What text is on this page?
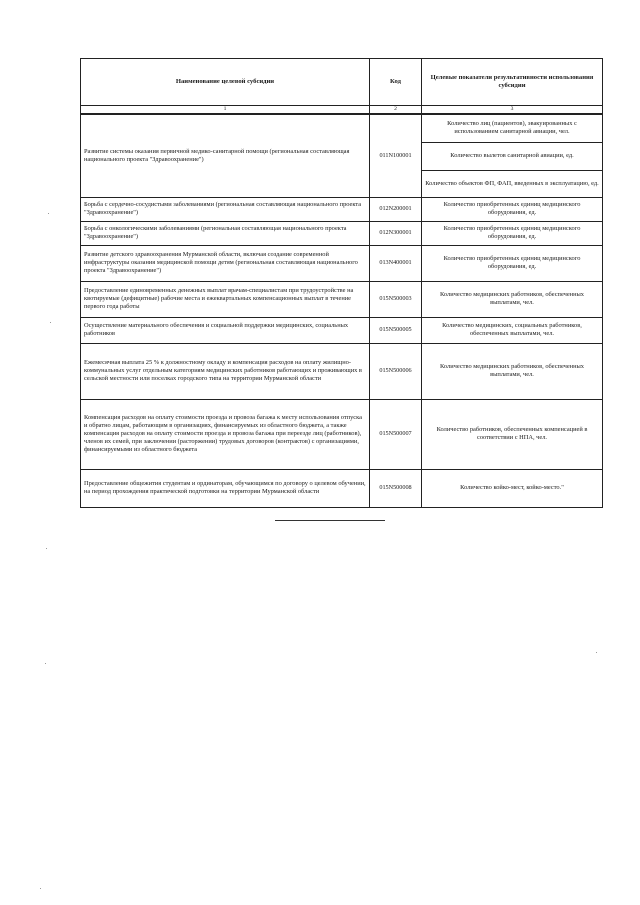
Наименование целевой субсидии	Код	Целевые показатели результативности использования субсидии
1	2	3
Развитие системы оказания первичной медико-санитарной помощи (региональная составляющая национального проекта "Здравоохранение")	011N100001	Количество лиц (пациентов), эвакуированных с использованием санитарной авиации, чел.
		Количество вылетов санитарной авиации, ед.
		Количество объектов ФП, ФАП, введенных в эксплуатацию, ед.
Борьба с сердечно-сосудистыми заболеваниями (региональная составляющая национального проекта "Здравоохранение")	012N200001	Количество приобретенных единиц медицинского оборудования, ед.
Борьба с онкологическими заболеваниями (региональная составляющая национального проекта "Здравоохранение")	012N300001	Количество приобретенных единиц медицинского оборудования, ед.
Развитие детского здравоохранения Мурманской области, включая создание современной инфраструктуры оказания медицинской помощи детям (региональная составляющая национального проекта "Здравоохранение")	013N400001	Количество приобретенных единиц медицинского оборудования, ед.
Предоставление единовременных денежных выплат врачам-специалистам при трудоустройстве на квотируемые (дефицитные) рабочие места и ежеквартальных компенсационных выплат в течение первого года работы	015N500003	Количество медицинских работников, обеспеченных выплатами, чел.
Осуществление материального обеспечения и социальной поддержки медицинских, социальных работников	015N500005	Количество медицинских, социальных работников, обеспеченных выплатами, чел.
Ежемесячная выплата 25 % к должностному окладу и компенсация расходов на оплату жилищно-коммунальных услуг отдельным категориям медицинских работников работающих и проживающих в сельской местности или поселках городского типа на территории Мурманской области	015N500006	Количество медицинских работников, обеспеченных выплатами, чел.
Компенсация расходов на оплату стоимости проезда и провоза багажа к месту использования отпуска и обратно лицам, работающим в организациях, финансируемых из областного бюджета, а также компенсация расходов на оплату стоимости проезда и провоза багажа при переезде лиц (работников), членов их семей, при заключении (расторжении) трудовых договоров (контрактов) с организациями, финансируемыми из областного бюджета	015N500007	Количество работников, обеспеченных компенсацией в соответствии с НПА, чел.
Предоставление общежития студентам и ординаторам, обучающимся по договору о целевом обучении, на период прохождения практической подготовки на территории Мурманской области	015N500008	Количество койко-мест, койко-место."
